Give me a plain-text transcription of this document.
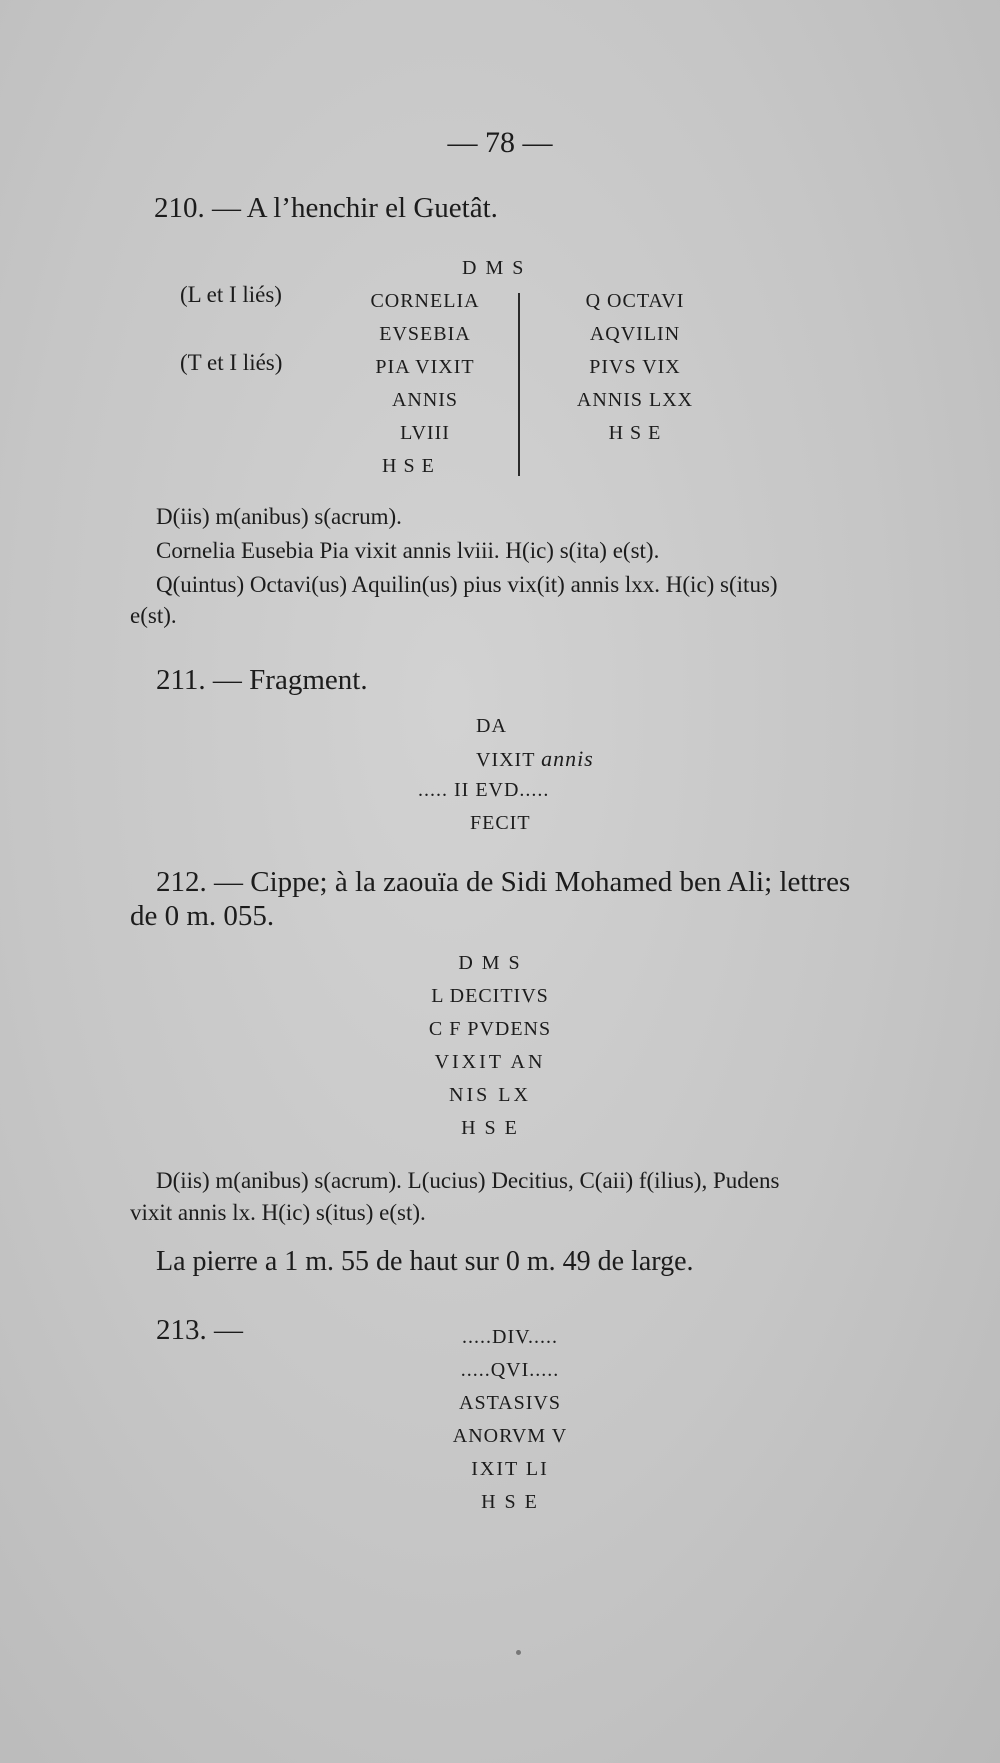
— 78 —
210. — A l’henchir el Guetât.
D M S
(L et I liés)
(T et I liés)
CORNELIA
EVSEBIA
PIA VIXIT
ANNIS
LVIII
H S E
Q OCTAVI
AQVILIN
PIVS VIX
ANNIS LXX
H S E
D(iis) m(anibus) s(acrum).
Cornelia Eusebia Pia vixit annis lviii. H(ic) s(ita) e(st).
Q(uintus) Octavi(us) Aquilin(us) pius vix(it) annis lxx. H(ic) s(itus)
e(st).
211. — Fragment.
DA
VIXIT annis
..... II EVD.....
FECIT
212. — Cippe; à la zaouïa de Sidi Mohamed ben Ali; lettres
de 0 m. 055.
D M S
L DECITIVS
C F PVDENS
VIXIT AN
NIS LX
H S E
D(iis) m(anibus) s(acrum). L(ucius) Decitius, C(aii) f(ilius), Pudens
vixit annis lx. H(ic) s(itus) e(st).
La pierre a 1 m. 55 de haut sur 0 m. 49 de large.
213. —	.....DIV.....
.....QVI.....
ASTASIVS
ANORVM V
IXIT LI
H S E
